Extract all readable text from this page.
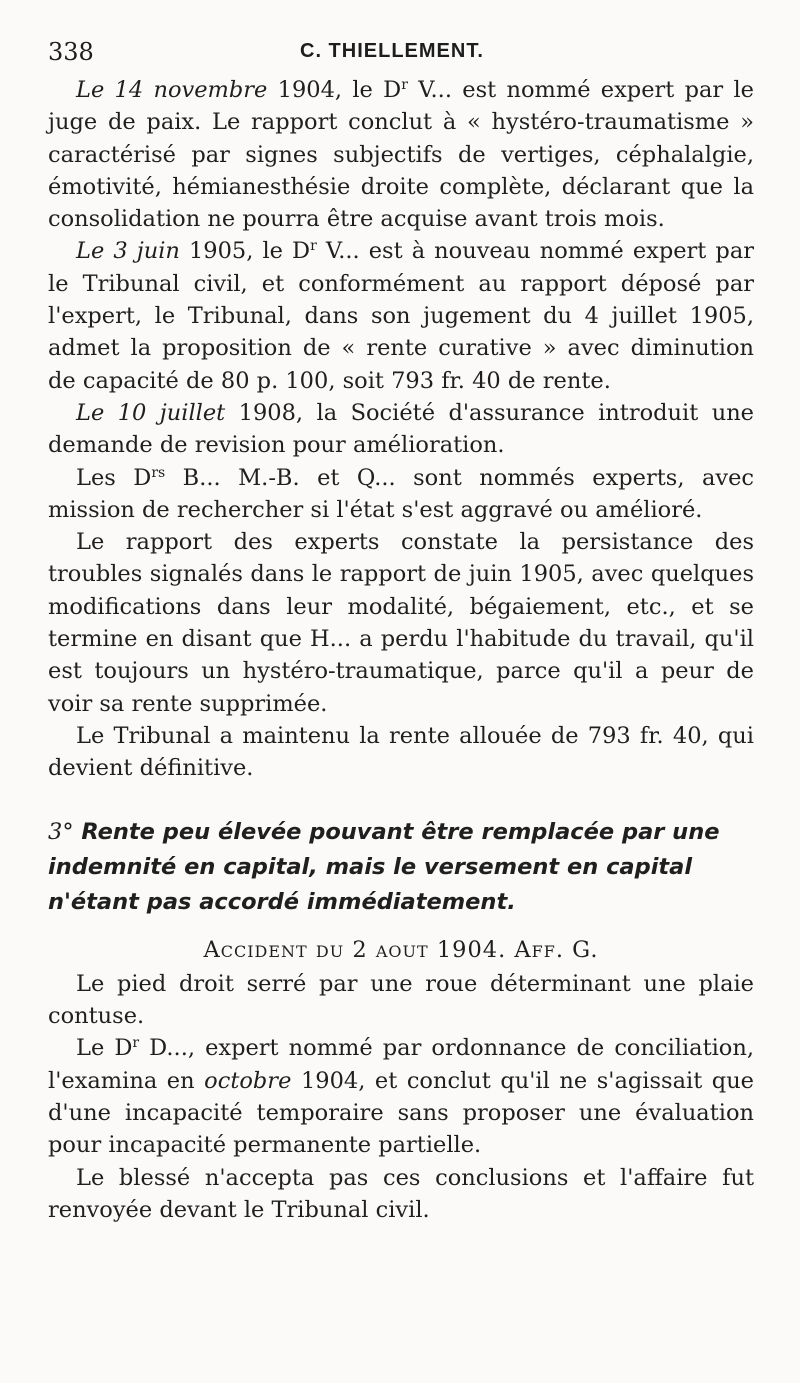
338	C. THIELLEMENT.

Le 14 novembre 1904, le $D^r$ V... est nommé expert par le juge de paix. Le rapport conclut à « hystéro-traumatisme » caractérisé par signes subjectifs de vertiges, céphalalgie, émotivité, hémianesthésie droite complète, déclarant que la consolidation ne pourra être acquise avant trois mois.

Le 3 juin 1905, le $D^r$ V... est à nouveau nommé expert par le Tribunal civil, et conformément au rapport déposé par l'expert, le Tribunal, dans son jugement du 4 juillet 1905, admet la proposition de « rente curative » avec diminution de capacité de 80 p. 100, soit 793 fr. 40 de rente.

Le 10 juillet 1908, la Société d'assurance introduit une demande de revision pour amélioration.

Les $D^{rs}$ B... M.-B. et Q... sont nommés experts, avec mission de rechercher si l'état s'est aggravé ou amélioré.

Le rapport des experts constate la persistance des troubles signalés dans le rapport de juin 1905, avec quelques modifications dans leur modalité, bégaiement, etc., et se termine en disant que H... a perdu l'habitude du travail, qu'il est toujours un hystéro-traumatique, parce qu'il a peur de voir sa rente supprimée.

Le Tribunal a maintenu la rente allouée de 793 fr. 40, qui devient définitive.

3° Rente peu élevée pouvant être remplacée par une indemnité en capital, mais le versement en capital n'étant pas accordé immédiatement.

Accident du 2 aout 1904. Aff. G.

Le pied droit serré par une roue déterminant une plaie contuse.

Le $D^r$ D..., expert nommé par ordonnance de conciliation, l'examina en octobre 1904, et conclut qu'il ne s'agissait que d'une incapacité temporaire sans proposer une évaluation pour incapacité permanente partielle.

Le blessé n'accepta pas ces conclusions et l'affaire fut renvoyée devant le Tribunal civil.
